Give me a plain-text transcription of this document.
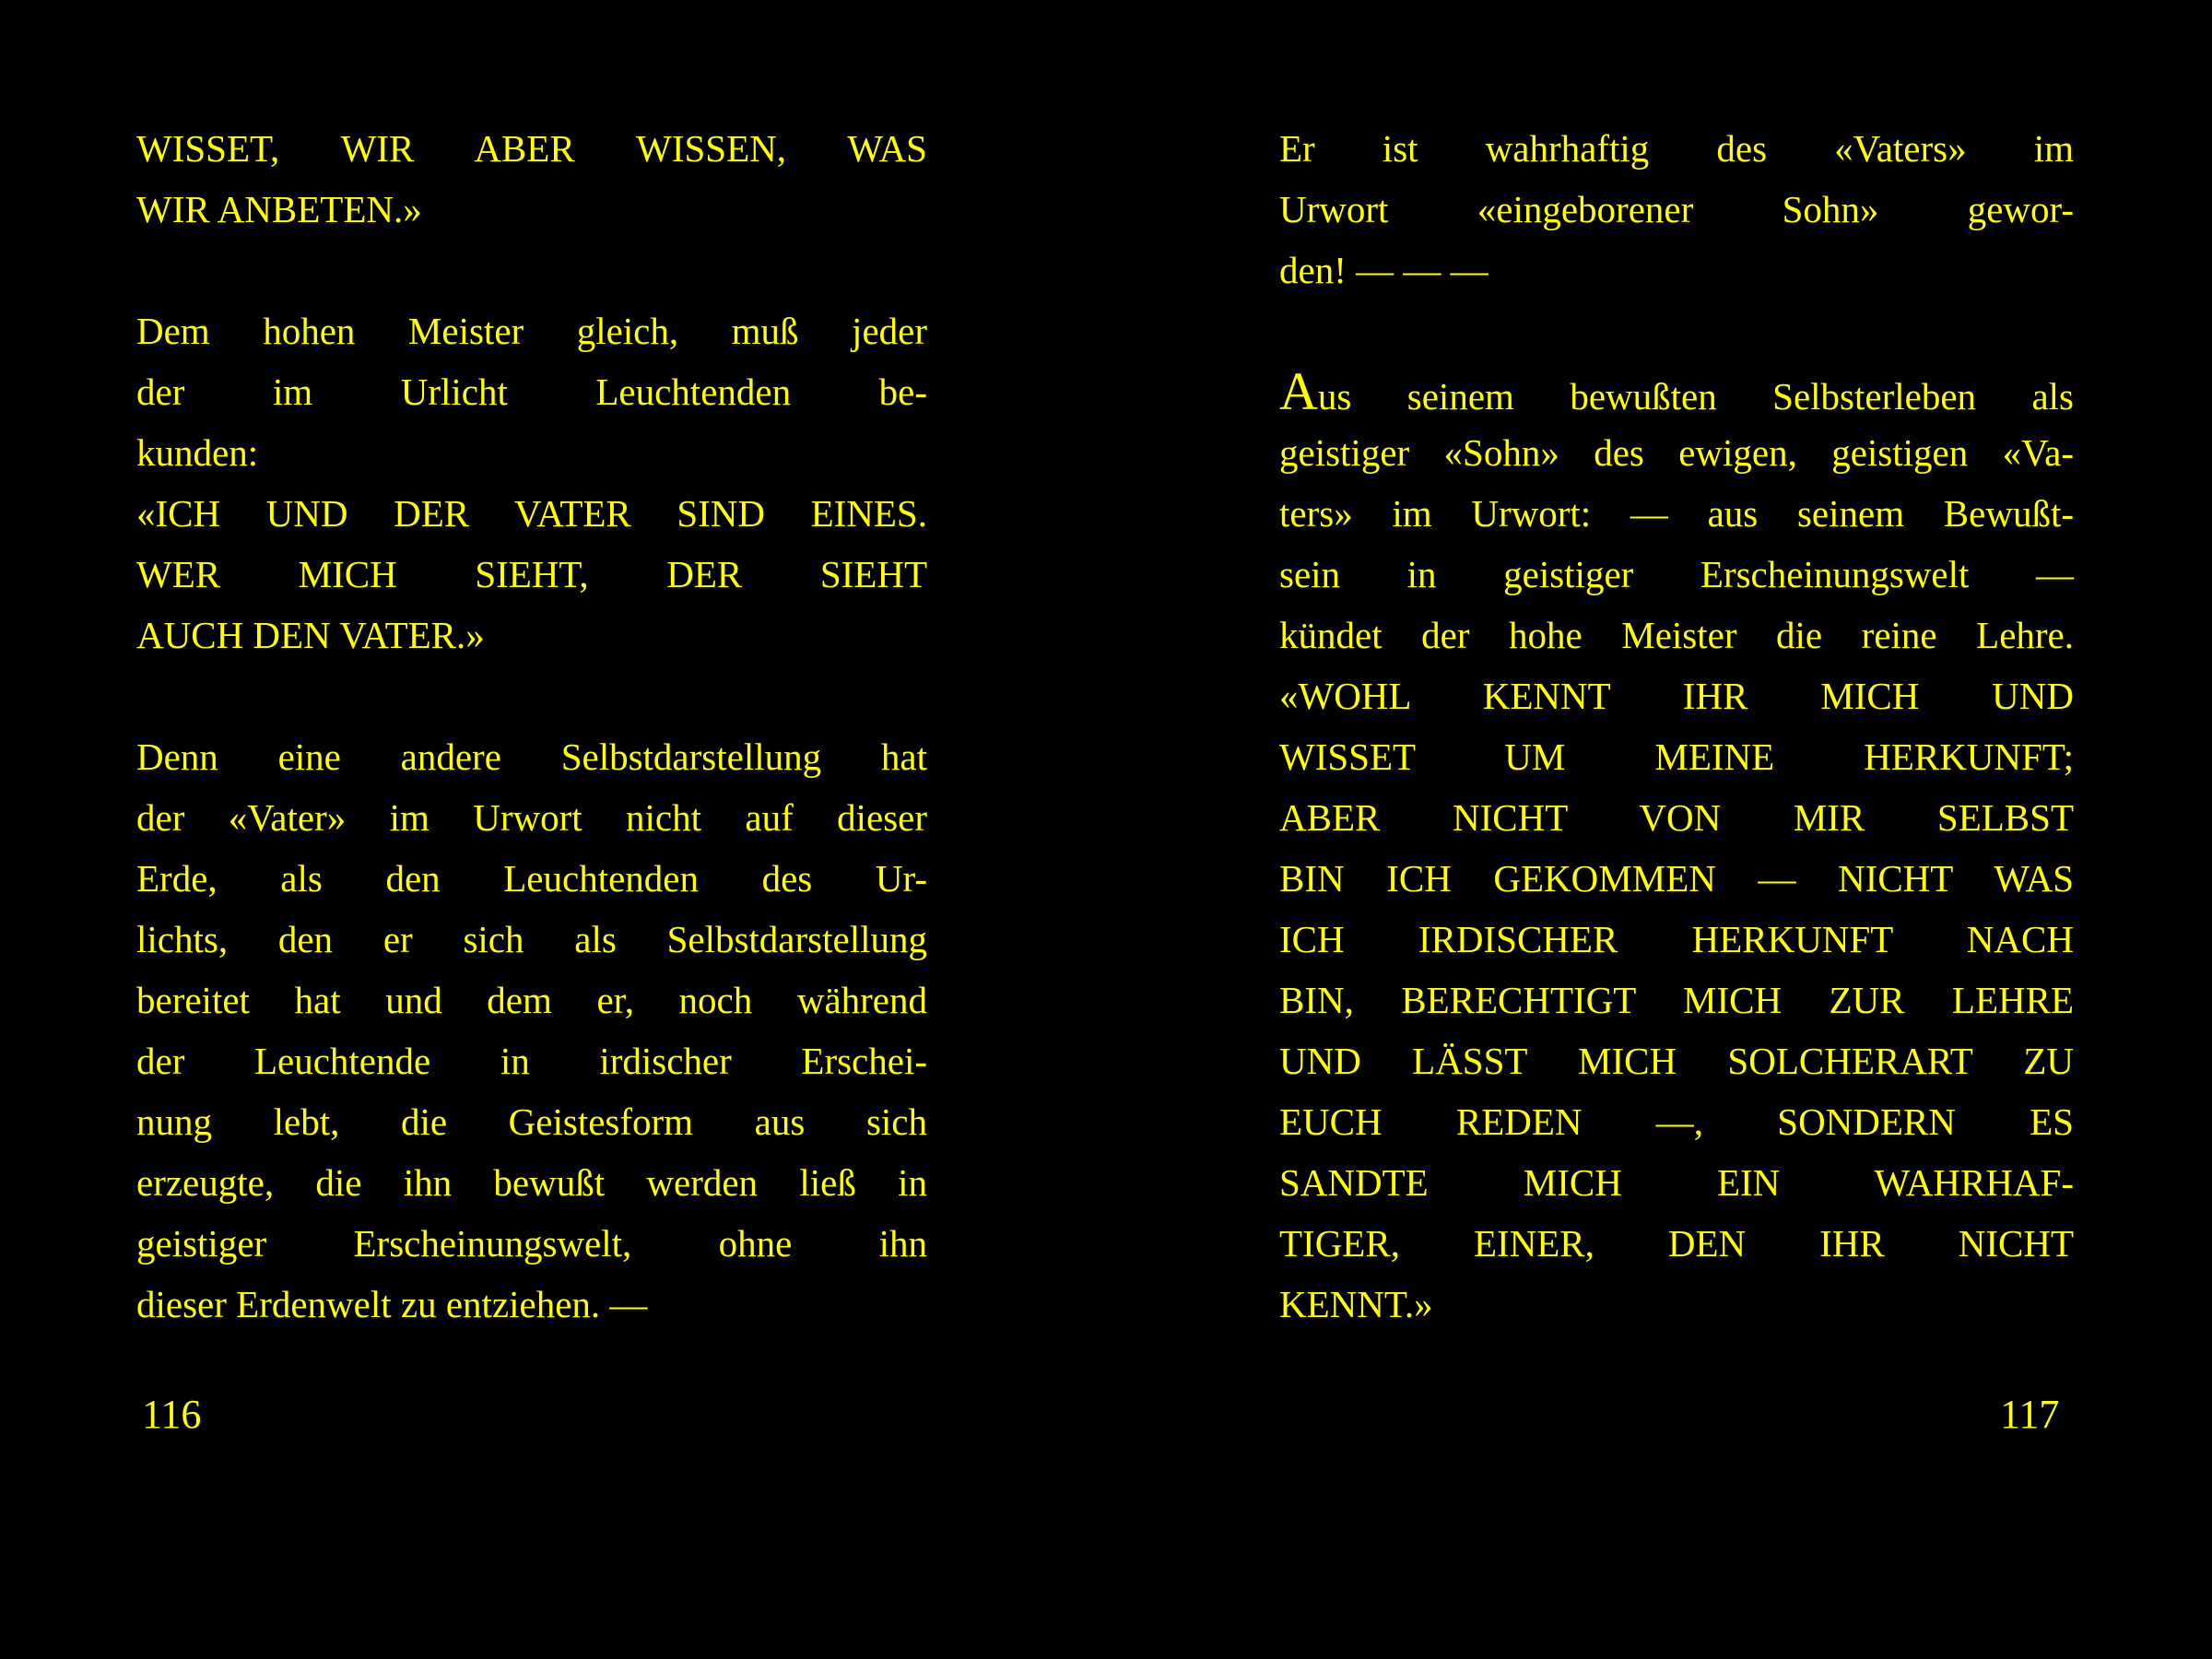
WISSET, WIR ABER WISSEN, WAS
WIR ANBETEN.»
Dem hohen Meister gleich, muß jeder
der im Urlicht Leuchtenden be-
kunden:
«ICH UND DER VATER SIND EINES.
WER MICH SIEHT, DER SIEHT
AUCH DEN VATER.»
Denn eine andere Selbstdarstellung hat
der «Vater» im Urwort nicht auf dieser
Erde, als den Leuchtenden des Ur-
lichts, den er sich als Selbstdarstellung
bereitet hat und dem er, noch während
der Leuchtende in irdischer Erschei-
nung lebt, die Geistesform aus sich
erzeugte, die ihn bewußt werden ließ in
geistiger Erscheinungswelt, ohne ihn
dieser Erdenwelt zu entziehen. —
116
Er ist wahrhaftig des «Vaters» im
Urwort «eingeborener Sohn» gewor-
den! — — —
Aus seinem bewußten Selbsterleben als
geistiger «Sohn» des ewigen, geistigen «Va-
ters» im Urwort: — aus seinem Bewußt-
sein in geistiger Erscheinungswelt —
kündet der hohe Meister die reine Lehre.
«WOHL KENNT IHR MICH UND
WISSET UM MEINE HERKUNFT;
ABER NICHT VON MIR SELBST
BIN ICH GEKOMMEN — NICHT WAS
ICH IRDISCHER HERKUNFT NACH
BIN, BERECHTIGT MICH ZUR LEHRE
UND LÄSST MICH SOLCHERART ZU
EUCH REDEN —, SONDERN ES
SANDTE MICH EIN WAHRHAF-
TIGER, EINER, DEN IHR NICHT
KENNT.»
117
